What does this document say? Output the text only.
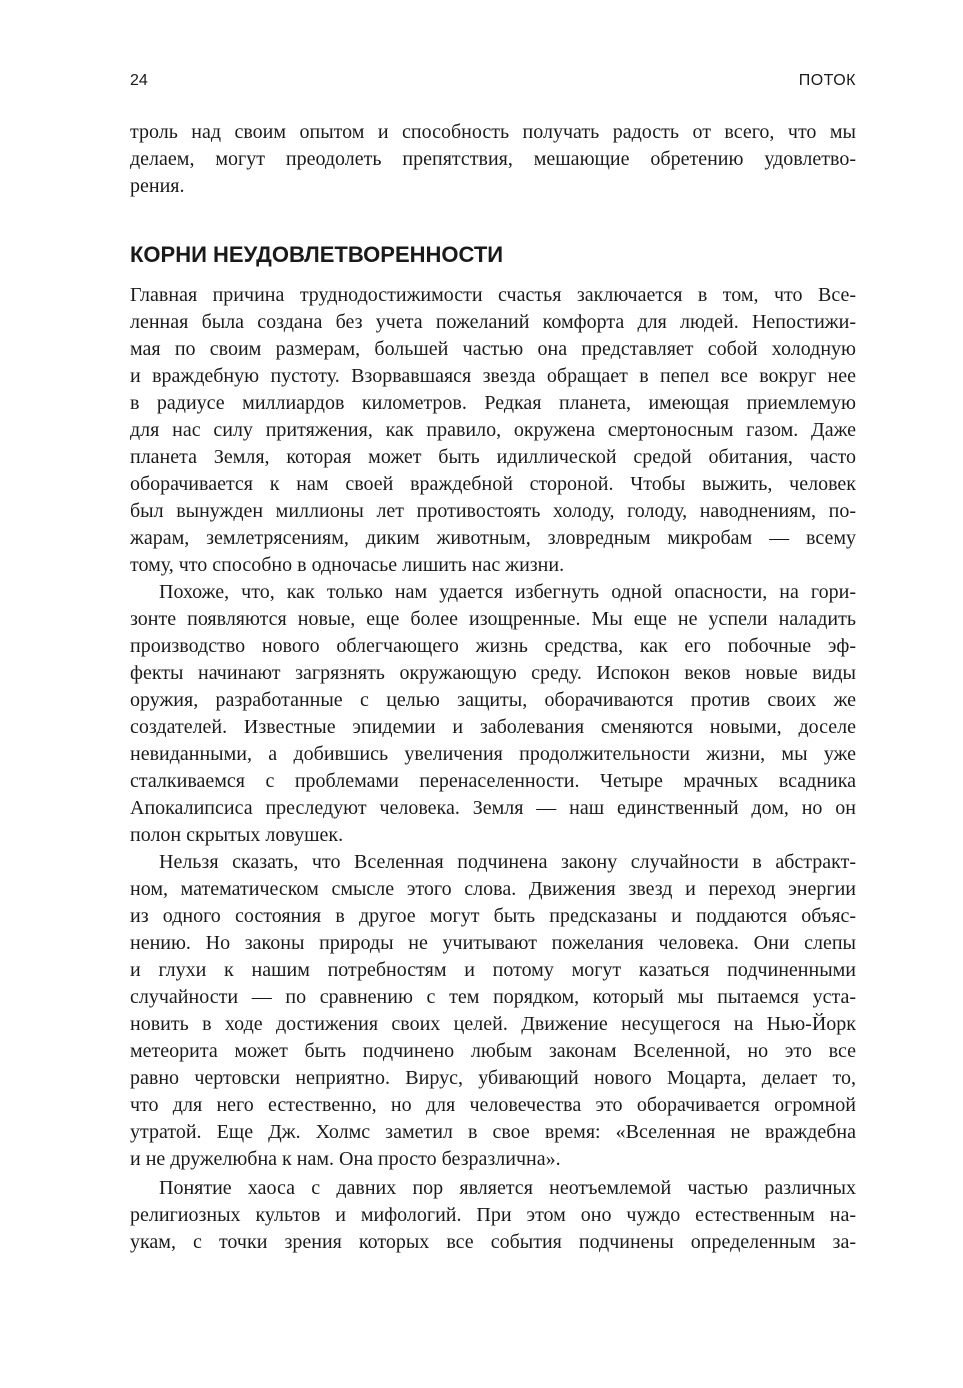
24	ПОТОК

троль над своим опытом и способность получать радость от всего, что мы

делаем, могут преодолеть препятствия, мешающие обретению удовлетво-

рения.

КОРНИ НЕУДОВЛЕТВОРЕННОСТИ

Главная причина труднодостижимости счастья заключается в том, что Все-

ленная была создана без учета пожеланий комфорта для людей. Непостижи-

мая по своим размерам, большей частью она представляет собой холодную

и враждебную пустоту. Взорвавшаяся звезда обращает в пепел все вокруг нее

в радиусе миллиардов километров. Редкая планета, имеющая приемлемую

для нас силу притяжения, как правило, окружена смертоносным газом. Даже

планета Земля, которая может быть идиллической средой обитания, часто

оборачивается к нам своей враждебной стороной. Чтобы выжить, человек

был вынужден миллионы лет противостоять холоду, голоду, наводнениям, по-

жарам, землетрясениям, диким животным, зловредным микробам — всему

тому, что способно в одночасье лишить нас жизни.

Похоже, что, как только нам удается избегнуть одной опасности, на гори-

зонте появляются новые, еще более изощренные. Мы еще не успели наладить

производство нового облегчающего жизнь средства, как его побочные эф-

фекты начинают загрязнять окружающую среду. Испокон веков новые виды

оружия, разработанные с целью защиты, оборачиваются против своих же

создателей. Известные эпидемии и заболевания сменяются новыми, доселе

невиданными, а добившись увеличения продолжительности жизни, мы уже

сталкиваемся с проблемами перенаселенности. Четыре мрачных всадника

Апокалипсиса преследуют человека. Земля — наш единственный дом, но он

полон скрытых ловушек.

Нельзя сказать, что Вселенная подчинена закону случайности в абстракт-

ном, математическом смысле этого слова. Движения звезд и переход энергии

из одного состояния в другое могут быть предсказаны и поддаются объяс-

нению. Но законы природы не учитывают пожелания человека. Они слепы

и глухи к нашим потребностям и потому могут казаться подчиненными

случайности — по сравнению с тем порядком, который мы пытаемся уста-

новить в ходе достижения своих целей. Движение несущегося на Нью-Йорк

метеорита может быть подчинено любым законам Вселенной, но это все

равно чертовски неприятно. Вирус, убивающий нового Моцарта, делает то,

что для него естественно, но для человечества это оборачивается огромной

утратой. Еще Дж. Холмс заметил в свое время: «Вселенная не враждебна

и не дружелюбна к нам. Она просто безразлична».

Понятие хаоса с давних пор является неотъемлемой частью различных

религиозных культов и мифологий. При этом оно чуждо естественным на-

укам, с точки зрения которых все события подчинены определенным за-
